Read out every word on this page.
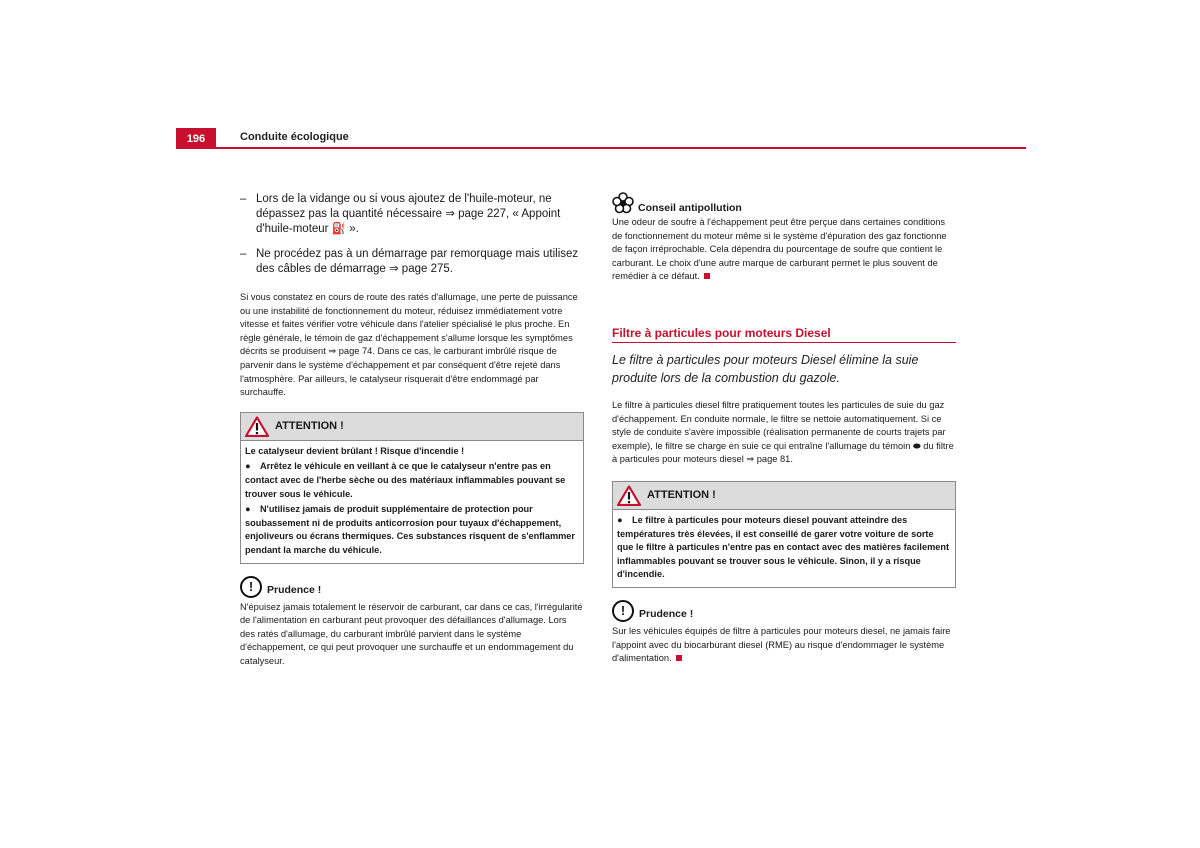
196	Conduite écologique
– Lors de la vidange ou si vous ajoutez de l'huile-moteur, ne dépassez pas la quantité nécessaire ⇒ page 227, « Appoint d'huile-moteur ⛽ ».
– Ne procédez pas à un démarrage par remorquage mais utilisez des câbles de démarrage ⇒ page 275.

Si vous constatez en cours de route des ratés d'allumage, une perte de puissance ou une instabilité de fonctionnement du moteur, réduisez immédiatement votre vitesse et faites vérifier votre véhicule dans l'atelier spécialisé le plus proche. En règle générale, le témoin de gaz d'échappement s'allume lorsque les symptômes décrits se produisent ⇒ page 74. Dans ce cas, le carburant imbrûlé risque de parvenir dans le système d'échappement et par conséquent d'être rejeté dans l'atmosphère. Par ailleurs, le catalyseur risquerait d'être endommagé par surchauffe.

ATTENTION !

Le catalyseur devient brûlant ! Risque d'incendie !

● Arrêtez le véhicule en veillant à ce que le catalyseur n'entre pas en contact avec de l'herbe sèche ou des matériaux inflammables pouvant se trouver sous le véhicule.

● N'utilisez jamais de produit supplémentaire de protection pour soubassement ni de produits anticorrosion pour tuyaux d'échappement, enjoliveurs ou écrans thermiques. Ces substances risquent de s'enflammer pendant la marche du véhicule.

!	Prudence !

N'épuisez jamais totalement le réservoir de carburant, car dans ce cas, l'irrégularité de l'alimentation en carburant peut provoquer des défaillances d'allumage. Lors des ratés d'allumage, du carburant imbrûlé parvient dans le système d'échappement, ce qui peut provoquer une surchauffe et un endommagement du catalyseur.

Conseil antipollution

Une odeur de soufre à l'échappement peut être perçue dans certaines conditions de fonctionnement du moteur même si le système d'épuration des gaz fonctionne de façon irréprochable. Cela dépendra du pourcentage de soufre que contient le carburant. Le choix d'une autre marque de carburant permet le plus souvent de remédier à ce défaut.

Filtre à particules pour moteurs Diesel

Le filtre à particules pour moteurs Diesel élimine la suie produite lors de la combustion du gazole.

Le filtre à particules diesel filtre pratiquement toutes les particules de suie du gaz d'échappement. En conduite normale, le filtre se nettoie automatiquement. Si ce style de conduite s'avère impossible (réalisation permanente de courts trajets par exemple), le filtre se charge en suie ce qui entraîne l'allumage du témoin ⬬ du filtre à particules pour moteurs diesel ⇒ page 81.

ATTENTION !

● Le filtre à particules pour moteurs diesel pouvant atteindre des températures très élevées, il est conseillé de garer votre voiture de sorte que le filtre à particules n'entre pas en contact avec des matières facilement inflammables pouvant se trouver sous le véhicule. Sinon, il y a risque d'incendie.

!	Prudence !

Sur les véhicules équipés de filtre à particules pour moteurs diesel, ne jamais faire l'appoint avec du biocarburant diesel (RME) au risque d'endommager le système d'alimentation.
